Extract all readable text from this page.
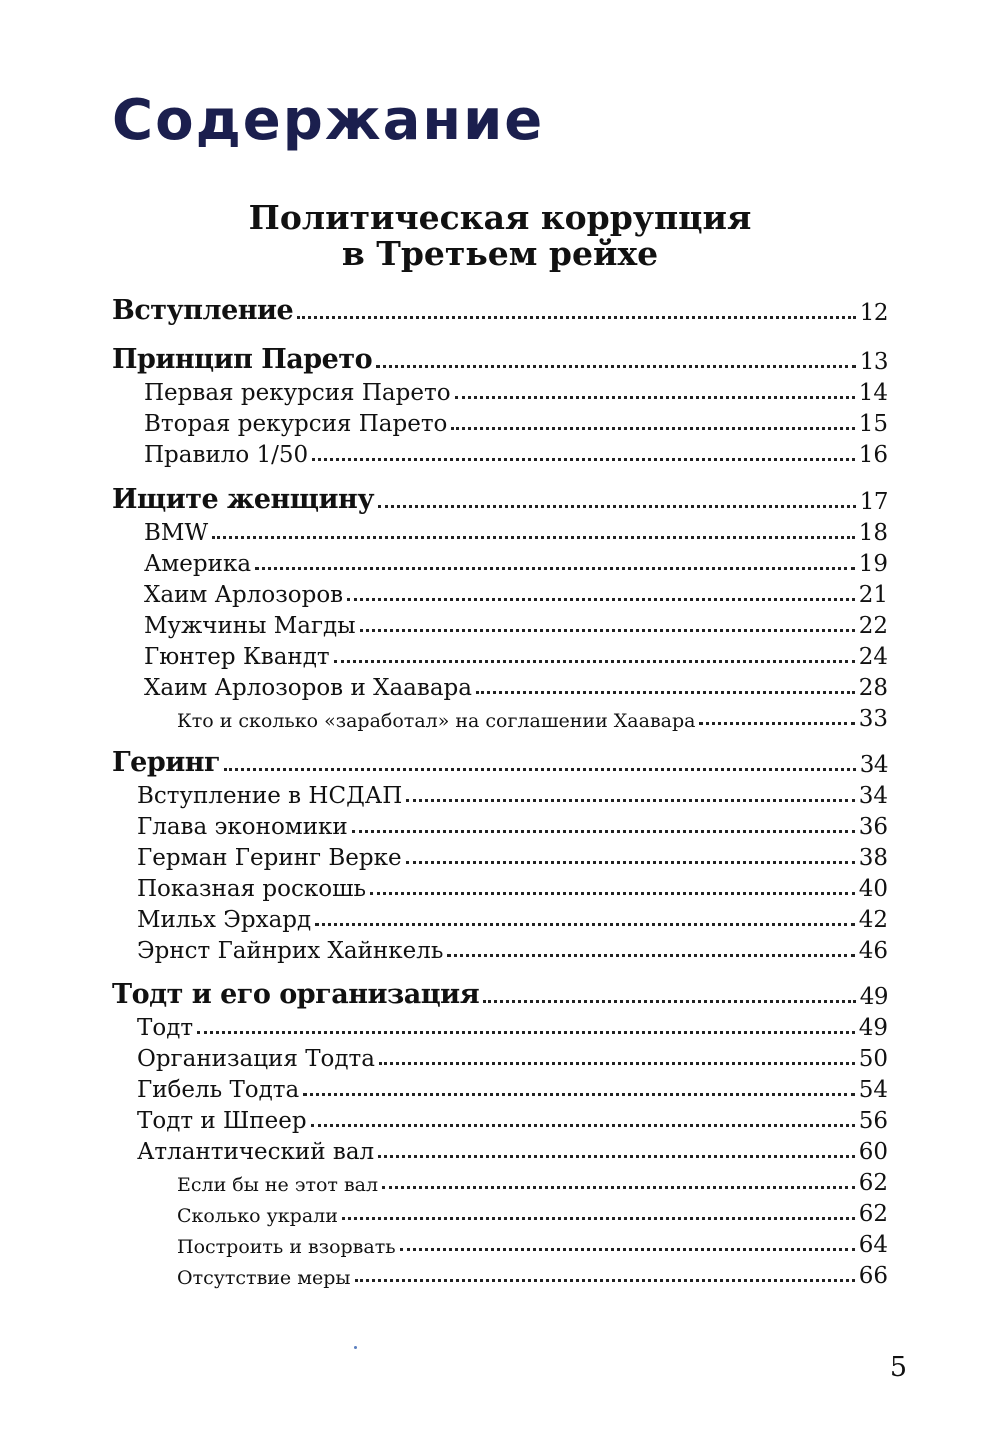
Содержание
Политическая коррупция
в Третьем рейхе
Вступление	12
Принцип Парето	13
Первая рекурсия Парето	14
Вторая рекурсия Парето	15
Правило 1/50	16
Ищите женщину	17
BMW	18
Америка	19
Хаим Арлозоров	21
Мужчины Магды	22
Гюнтер Квандт	24
Хаим Арлозоров и Хаавара	28
Кто и сколько «заработал» на соглашении Хаавара	33
Геринг	34
Вступление в НСДАП	34
Глава экономики	36
Герман Геринг Верке	38
Показная роскошь	40
Мильх Эрхард	42
Эрнст Гайнрих Хайнкель	46
Тодт и его организация	49
Тодт	49
Организация Тодта	50
Гибель Тодта	54
Тодт и Шпеер	56
Атлантический вал	60
Если бы не этот вал	62
Сколько украли	62
Построить и взорвать	64
Отсутствие меры	66
5
